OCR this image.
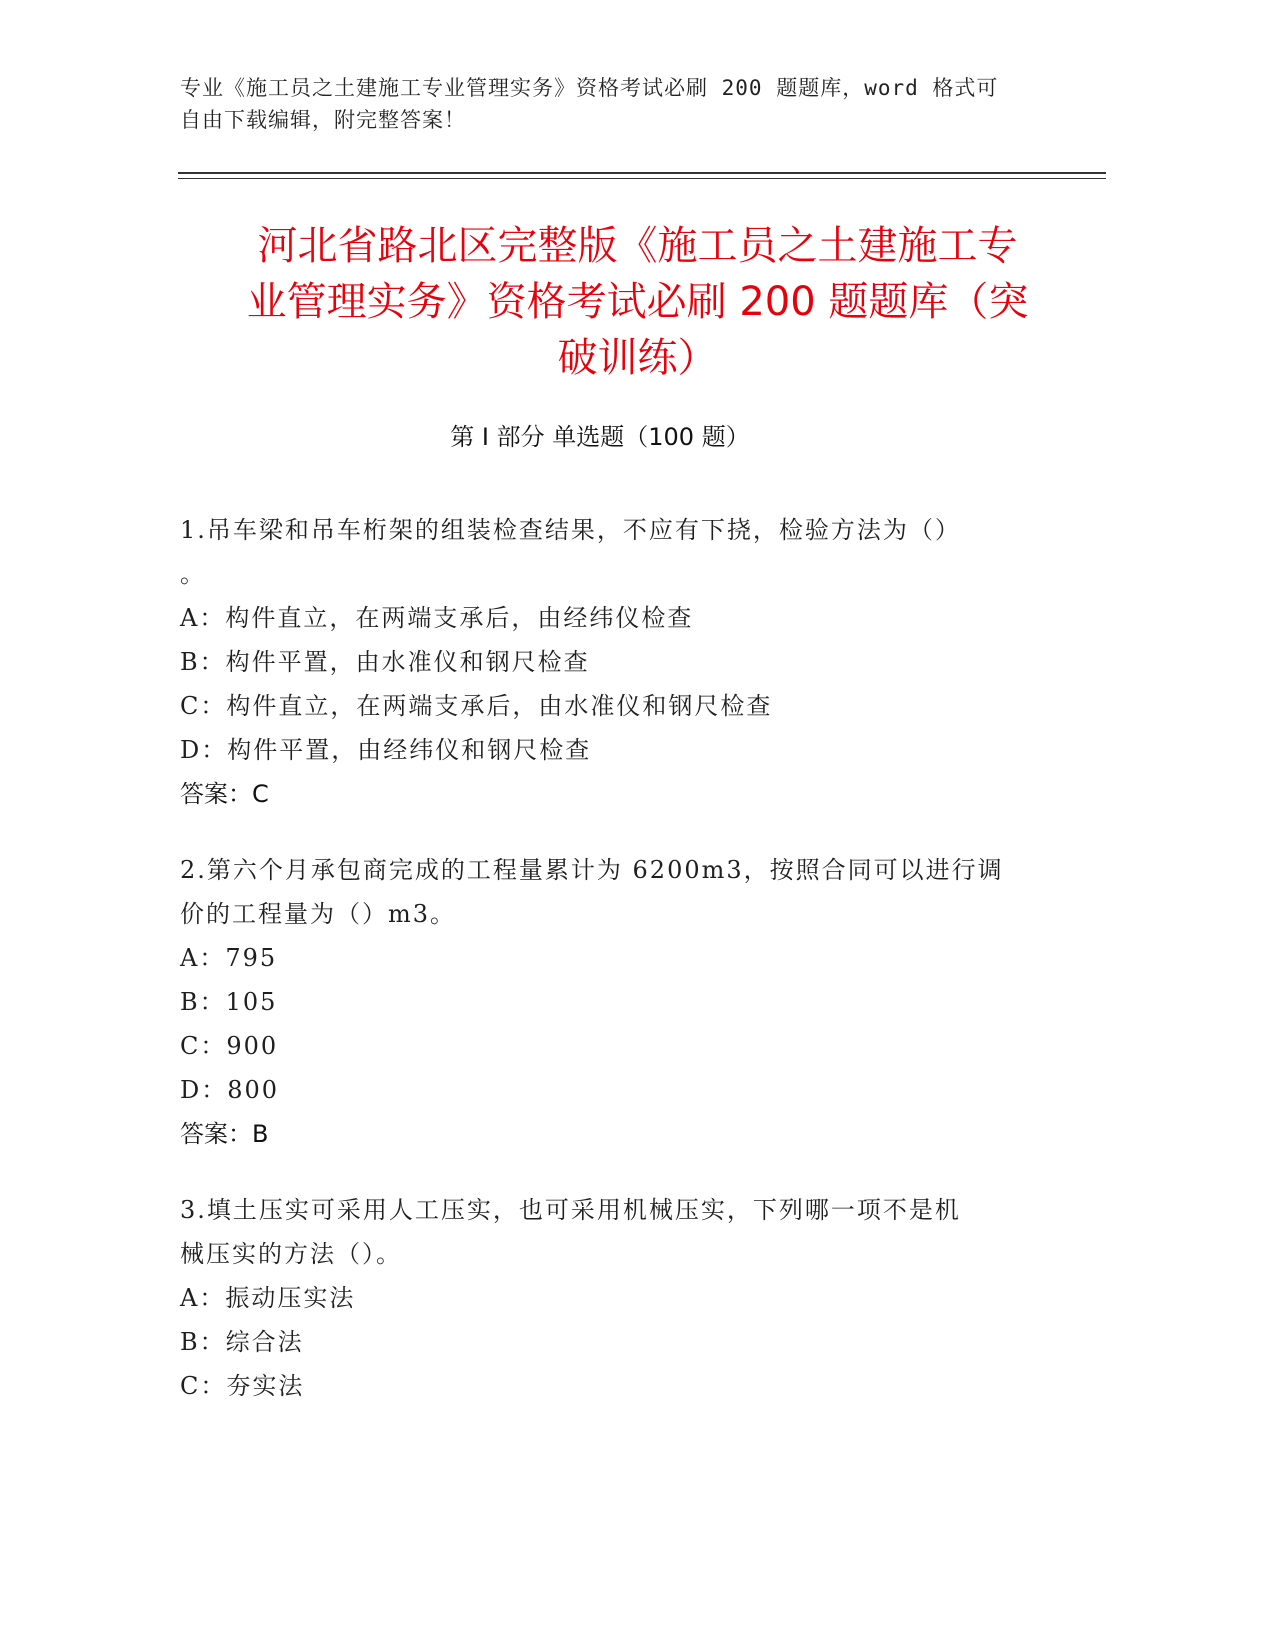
专业《施工员之土建施工专业管理实务》资格考试必刷 200 题题库，word 格式可
自由下载编辑，附完整答案！
河北省路北区完整版《施工员之土建施工专
业管理实务》资格考试必刷 200 题题库（突
破训练）
第 I 部分 单选题（100 题）
1.吊车梁和吊车桁架的组装检查结果，不应有下挠，检验方法为（）
。
A：构件直立，在两端支承后，由经纬仪检查
B：构件平置，由水准仪和钢尺检查
C：构件直立，在两端支承后，由水准仪和钢尺检查
D：构件平置，由经纬仪和钢尺检查
答案：C
2.第六个月承包商完成的工程量累计为 6200m3，按照合同可以进行调
价的工程量为（）m3。
A：795
B：105
C：900
D：800
答案：B
3.填土压实可采用人工压实，也可采用机械压实，下列哪一项不是机
械压实的方法（）。
A：振动压实法
B：综合法
C：夯实法
